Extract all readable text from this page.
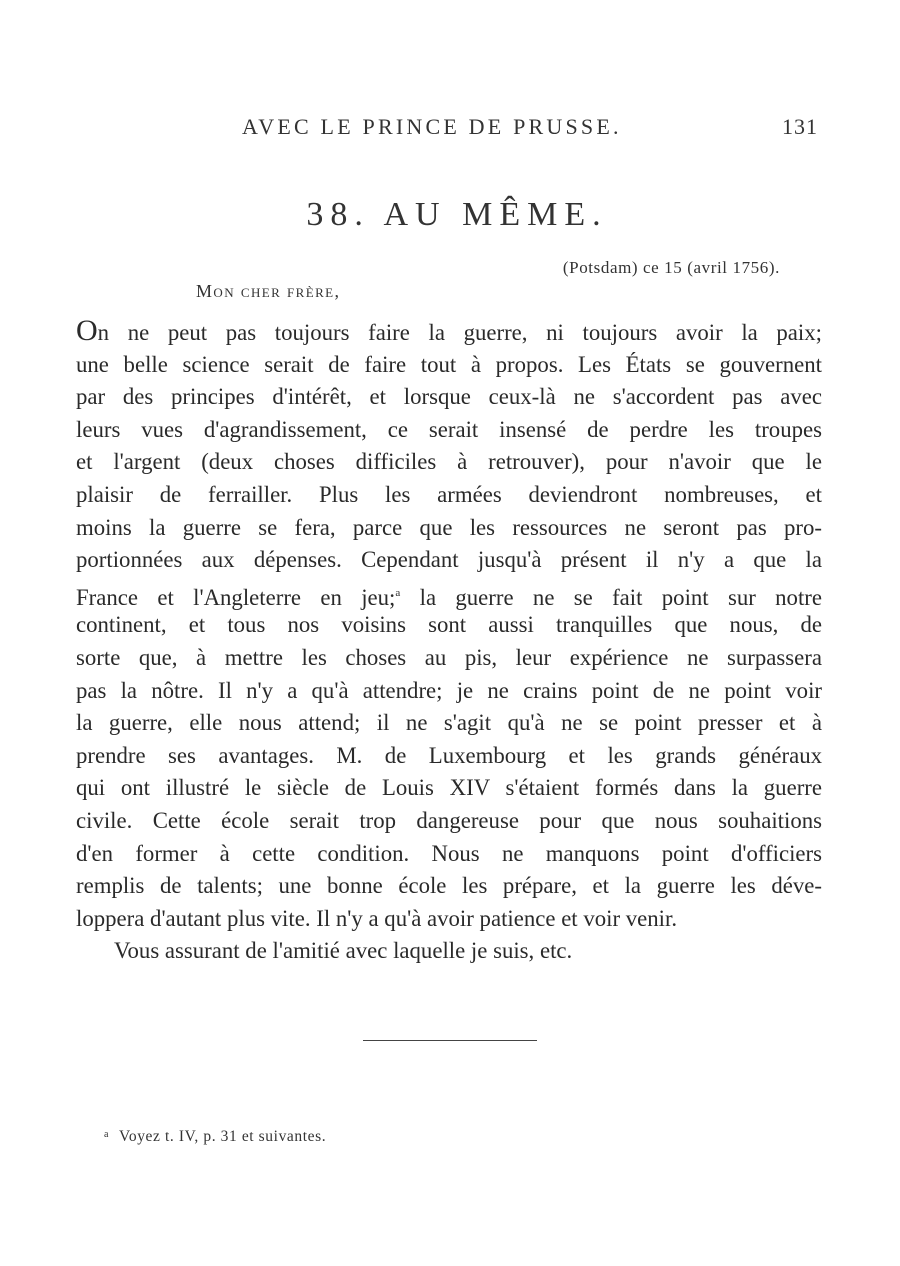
AVEC LE PRINCE DE PRUSSE.	131
38. AU MÊME.
(Potsdam) ce 15 (avril 1756).
Mon cher frère,
On ne peut pas toujours faire la guerre, ni toujours avoir la paix;
une belle science serait de faire tout à propos. Les États se gouvernent
par des principes d'intérêt, et lorsque ceux-là ne s'accordent pas avec
leurs vues d'agrandissement, ce serait insensé de perdre les troupes
et l'argent (deux choses difficiles à retrouver), pour n'avoir que le
plaisir de ferrailler. Plus les armées deviendront nombreuses, et
moins la guerre se fera, parce que les ressources ne seront pas pro-
portionnées aux dépenses. Cependant jusqu'à présent il n'y a que la
France et l'Angleterre en jeu;$^a$ la guerre ne se fait point sur notre
continent, et tous nos voisins sont aussi tranquilles que nous, de
sorte que, à mettre les choses au pis, leur expérience ne surpassera
pas la nôtre. Il n'y a qu'à attendre; je ne crains point de ne point voir
la guerre, elle nous attend; il ne s'agit qu'à ne se point presser et à
prendre ses avantages. M. de Luxembourg et les grands généraux
qui ont illustré le siècle de Louis XIV s'étaient formés dans la guerre
civile. Cette école serait trop dangereuse pour que nous souhaitions
d'en former à cette condition. Nous ne manquons point d'officiers
remplis de talents; une bonne école les prépare, et la guerre les déve-
loppera d'autant plus vite. Il n'y a qu'à avoir patience et voir venir.
Vous assurant de l'amitié avec laquelle je suis, etc.
$^a$ Voyez t. IV, p. 31 et suivantes.
